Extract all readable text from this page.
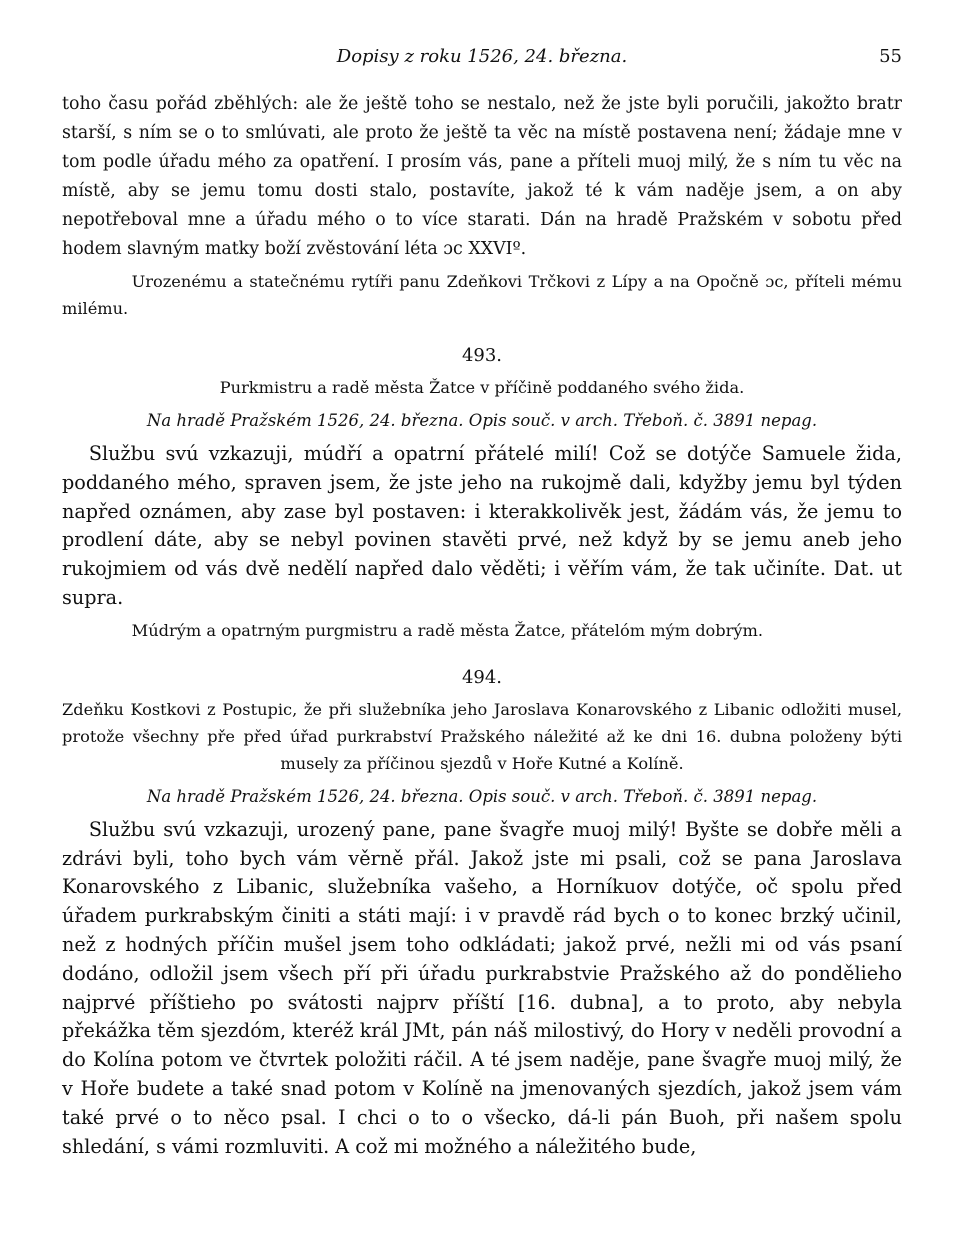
Dopisy z roku 1526, 24. března.	55

toho času pořád zběhlých: ale že ještě toho se nestalo, než že jste byli poručili, jakožto bratr starší, s ním se o to smlúvati, ale proto že ještě ta věc na místě postavena není; žádaje mne v tom podle úřadu mého za opatření. I prosím vás, pane a příteli muoj milý, že s ním tu věc na místě, aby se jemu tomu dosti stalo, postavíte, jakož té k vám naděje jsem, a on aby nepotřeboval mne a úřadu mého o to více starati. Dán na hradě Pražském v sobotu před hodem slavným matky boží zvěstování léta ɔc XXVIº.

Urozenému a statečnému rytíři panu Zdeňkovi Trčkovi z Lípy a na Opočně ɔc, příteli mému milému.

493.

Purkmistru a radě města Žatce v příčině poddaného svého žida.

Na hradě Pražském 1526, 24. března. Opis souč. v arch. Třeboň. č. 3891 nepag.

Službu svú vzkazuji, múdří a opatrní přátelé milí! Což se dotýče Samuele žida, poddaného mého, spraven jsem, že jste jeho na rukojmě dali, kdyžby jemu byl týden napřed oznámen, aby zase byl postaven: i kterakkolivěk jest, žádám vás, že jemu to prodlení dáte, aby se nebyl povinen stavěti prvé, než když by se jemu aneb jeho rukojmiem od vás dvě nedělí napřed dalo věděti; i věřím vám, že tak učiníte. Dat. ut supra.

Múdrým a opatrným purgmistru a radě města Žatce, přátelóm mým dobrým.

494.

Zdeňku Kostkovi z Postupic, že při služebníka jeho Jaroslava Konarovského z Libanic odložiti musel, protože všechny pře před úřad purkrabství Pražského náležité až ke dni 16. dubna položeny býti musely za příčinou sjezdů v Hoře Kutné a Kolíně.

Na hradě Pražském 1526, 24. března. Opis souč. v arch. Třeboň. č. 3891 nepag.

Službu svú vzkazuji, urozený pane, pane švagře muoj milý! Byšte se dobře měli a zdrávi byli, toho bych vám věrně přál. Jakož jste mi psali, což se pana Jaroslava Konarovského z Libanic, služebníka vašeho, a Horníkuov dotýče, oč spolu před úřadem purkrabským činiti a státi mají: i v pravdě rád bych o to konec brzký učinil, než z hodných příčin mušel jsem toho odkládati; jakož prvé, nežli mi od vás psaní dodáno, odložil jsem všech pří při úřadu purkrabstvie Pražského až do ponděliehо najprvé příštieho po svátosti najprv příští [16. dubna], a to proto, aby nebyla překážka těm sjezdóm, kteréž král JMt, pán náš milostivý, do Hory v neděli provodní a do Kolína potom ve čtvrtek položiti ráčil. A té jsem naděje, pane švagře muoj milý, že v Hoře budete a také snad potom v Kolíně na jmenovaných sjezdích, jakož jsem vám také prvé o to něco psal. I chci o to o všecko, dá-li pán Buoh, při našem spolu shledání, s vámi rozmluviti. A což mi možného a náležitého bude,
